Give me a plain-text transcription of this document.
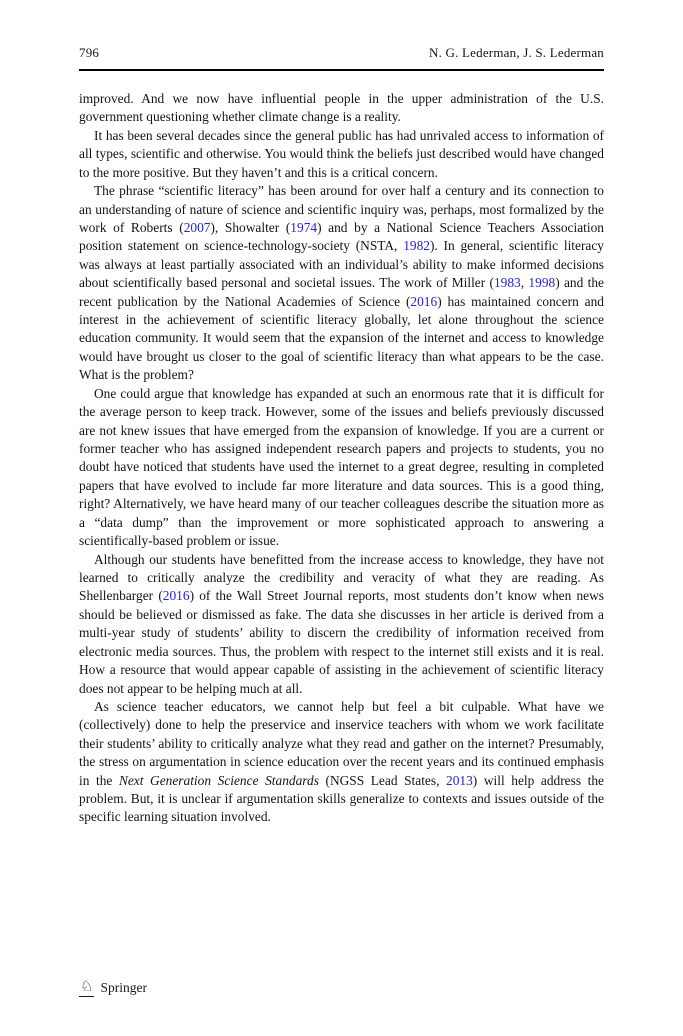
796	N. G. Lederman, J. S. Lederman

improved. And we now have influential people in the upper administration of the U.S. government questioning whether climate change is a reality.

It has been several decades since the general public has had unrivaled access to information of all types, scientific and otherwise. You would think the beliefs just described would have changed to the more positive. But they haven’t and this is a critical concern.

The phrase “scientific literacy” has been around for over half a century and its connection to an understanding of nature of science and scientific inquiry was, perhaps, most formalized by the work of Roberts (2007), Showalter (1974) and by a National Science Teachers Association position statement on science-technology-society (NSTA, 1982). In general, scientific literacy was always at least partially associated with an individual’s ability to make informed decisions about scientifically based personal and societal issues. The work of Miller (1983, 1998) and the recent publication by the National Academies of Science (2016) has maintained concern and interest in the achievement of scientific literacy globally, let alone throughout the science education community. It would seem that the expansion of the internet and access to knowledge would have brought us closer to the goal of scientific literacy than what appears to be the case. What is the problem?

One could argue that knowledge has expanded at such an enormous rate that it is difficult for the average person to keep track. However, some of the issues and beliefs previously discussed are not knew issues that have emerged from the expansion of knowledge. If you are a current or former teacher who has assigned independent research papers and projects to students, you no doubt have noticed that students have used the internet to a great degree, resulting in completed papers that have evolved to include far more literature and data sources. This is a good thing, right? Alternatively, we have heard many of our teacher colleagues describe the situation more as a “data dump” than the improvement or more sophisticated approach to answering a scientifically-based problem or issue.

Although our students have benefitted from the increase access to knowledge, they have not learned to critically analyze the credibility and veracity of what they are reading. As Shellenbarger (2016) of the Wall Street Journal reports, most students don’t know when news should be believed or dismissed as fake. The data she discusses in her article is derived from a multi-year study of students’ ability to discern the credibility of information received from electronic media sources. Thus, the problem with respect to the internet still exists and it is real. How a resource that would appear capable of assisting in the achievement of scientific literacy does not appear to be helping much at all.

As science teacher educators, we cannot help but feel a bit culpable. What have we (collectively) done to help the preservice and inservice teachers with whom we work facilitate their students’ ability to critically analyze what they read and gather on the internet? Presumably, the stress on argumentation in science education over the recent years and its continued emphasis in the Next Generation Science Standards (NGSS Lead States, 2013) will help address the problem. But, it is unclear if argumentation skills generalize to contexts and issues outside of the specific learning situation involved.

♘ Springer
